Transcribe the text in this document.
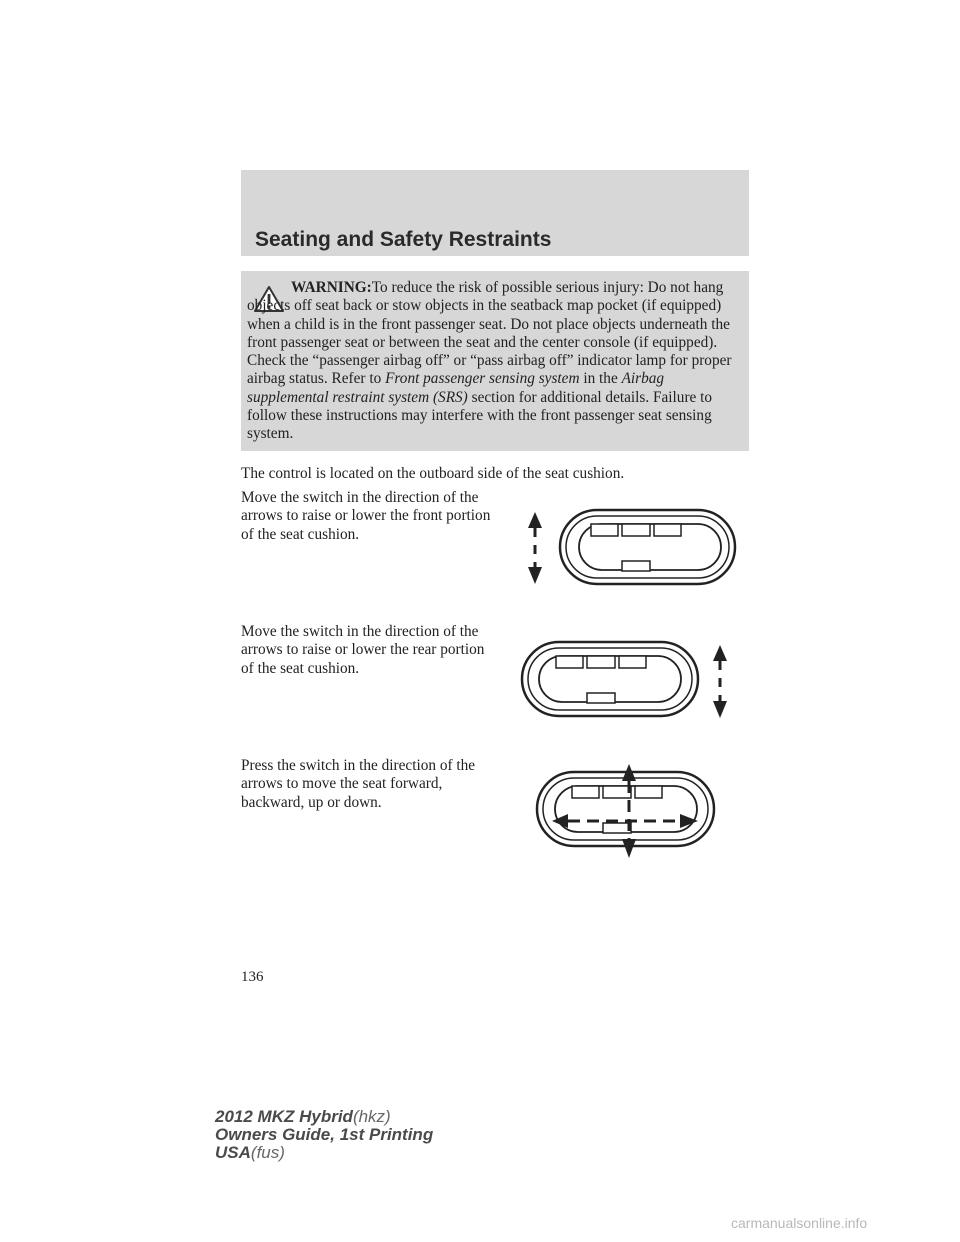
Seating and Safety Restraints
WARNING:To reduce the risk of possible serious injury: Do not hang objects off seat back or stow objects in the seatback map pocket (if equipped) when a child is in the front passenger seat. Do not place objects underneath the front passenger seat or between the seat and the center console (if equipped). Check the “passenger airbag off” or “pass airbag off” indicator lamp for proper airbag status. Refer to Front passenger sensing system in the Airbag supplemental restraint system (SRS) section for additional details. Failure to follow these instructions may interfere with the front passenger seat sensing system.
The control is located on the outboard side of the seat cushion.
Move the switch in the direction of the arrows to raise or lower the front portion of the seat cushion.
Move the switch in the direction of the arrows to raise or lower the rear portion of the seat cushion.
Press the switch in the direction of the arrows to move the seat forward, backward, up or down.
136
2012 MKZ Hybrid(hkz)
Owners Guide, 1st Printing
USA(fus)
carmanualsonline.info
